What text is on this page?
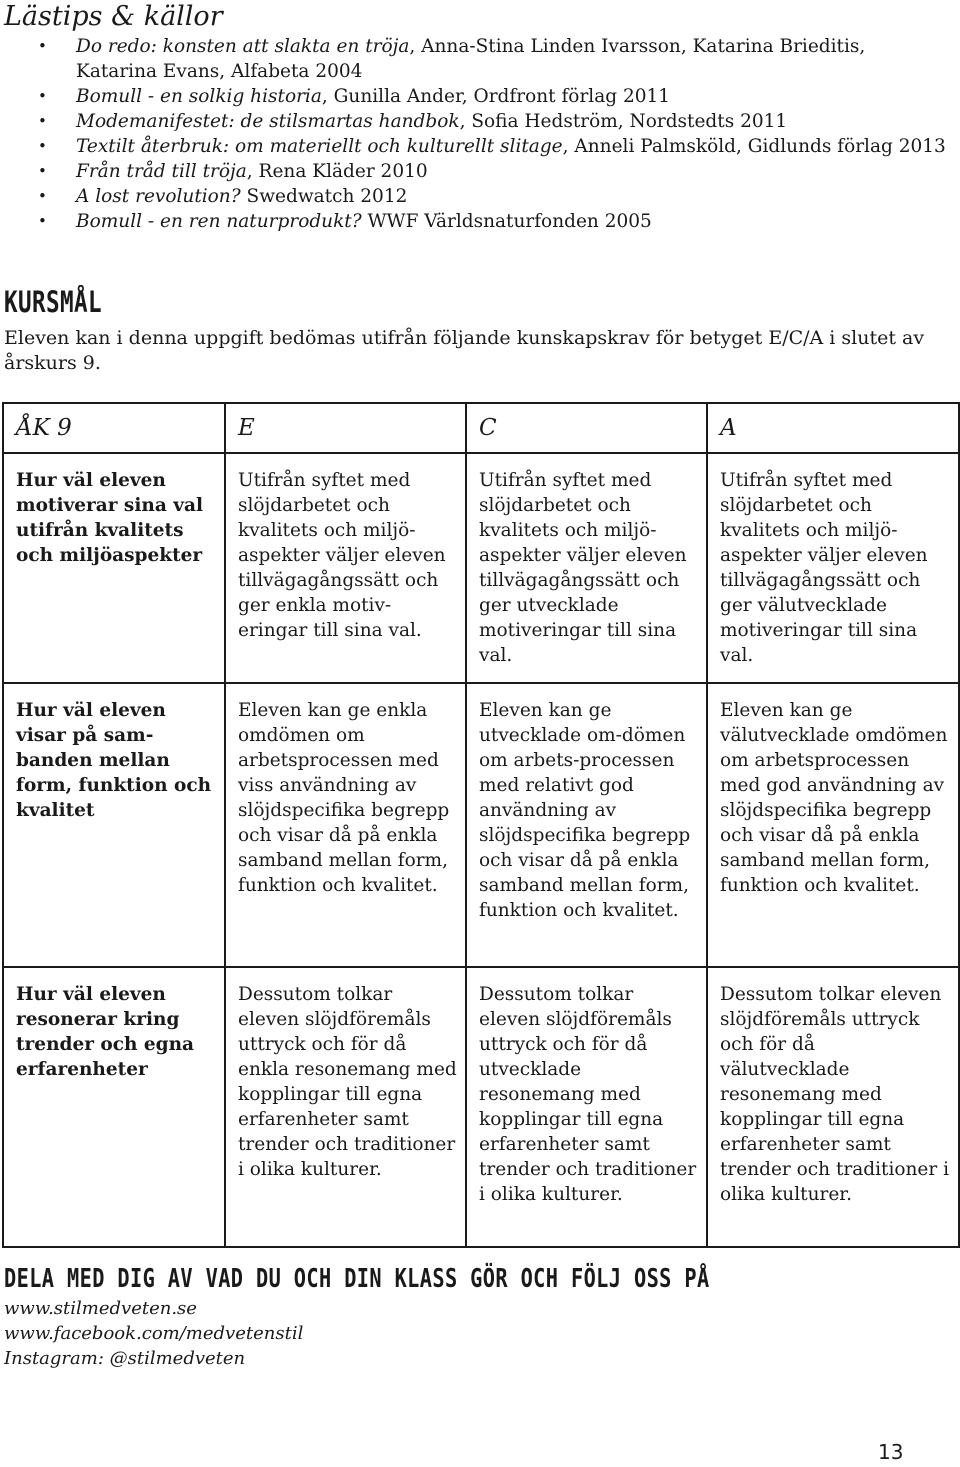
Lästips & källor
• Do redo: konsten att slakta en tröja, Anna-Stina Linden Ivarsson, Katarina Brieditis, Katarina Evans, Alfabeta 2004
• Bomull - en solkig historia, Gunilla Ander, Ordfront förlag 2011
• Modemanifestet: de stilsmartas handbok, Sofia Hedström, Nordstedts 2011
• Textilt återbruk: om materiellt och kulturellt slitage, Anneli Palmsköld, Gidlunds förlag 2013
• Från tråd till tröja, Rena Kläder 2010
• A lost revolution? Swedwatch 2012
• Bomull - en ren naturprodukt? WWF Världsnaturfonden 2005
KURSMÅL

Eleven kan i denna uppgift bedömas utifrån följande kunskapskrav för betyget E/C/A i slutet av årskurs 9.

ÅK 9	E	C	A
Hur väl eleven motiverar sina val utifrån kvalitets och miljöaspekter	Utifrån syftet med slöjdarbetet och kvalitets och miljö-aspekter väljer eleven tillvägagångssätt och ger enkla motiv-eringar till sina val.	Utifrån syftet med slöjdarbetet och kvalitets och miljö-aspekter väljer eleven tillvägagångssätt och ger utvecklade motiveringar till sina val.	Utifrån syftet med slöjdarbetet och kvalitets och miljö-aspekter väljer eleven tillvägagångssätt och ger välutvecklade motiveringar till sina val.
Hur väl eleven visar på sam-banden mellan form, funktion och kvalitet	Eleven kan ge enkla omdömen om arbetsprocessen med viss användning av slöjdspecifika begrepp och visar då på enkla samband mellan form, funktion och kvalitet.	Eleven kan ge utvecklade om-dömen om arbets-processen med relativt god användning av slöjdspecifika begrepp och visar då på enkla samband mellan form, funktion och kvalitet.	Eleven kan ge välutvecklade omdömen om arbetsprocessen med god användning av slöjdspecifika begrepp och visar då på enkla samband mellan form, funktion och kvalitet.
Hur väl eleven resonerar kring trender och egna erfarenheter	Dessutom tolkar eleven slöjdföremåls uttryck och för då enkla resonemang med kopplingar till egna erfarenheter samt trender och traditioner i olika kulturer.	Dessutom tolkar eleven slöjdföremåls uttryck och för då utvecklade resonemang med kopplingar till egna erfarenheter samt trender och traditioner i olika kulturer.	Dessutom tolkar eleven slöjdföremåls uttryck och för då välutvecklade resonemang med kopplingar till egna erfarenheter samt trender och traditioner i olika kulturer.
DELA MED DIG AV VAD DU OCH DIN KLASS GÖR OCH FÖLJ OSS PÅ
www.stilmedveten.se
www.facebook.com/medvetenstil
Instagram: @stilmedveten
13
